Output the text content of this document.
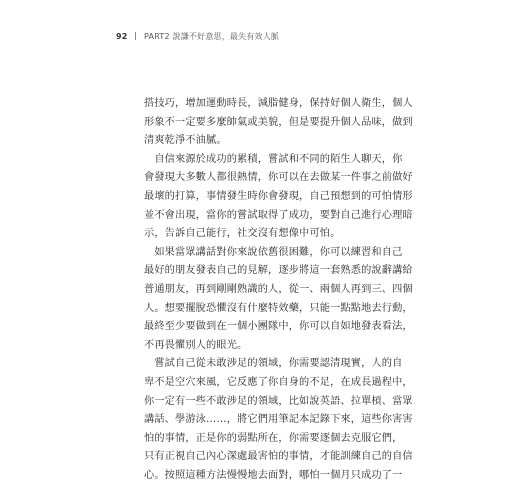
92 PART2 說謙不好意思，最失有效人脈
搭技巧，增加運動時長，減脂健身，保持好個人衛生，個人
形象不一定要多麼帥氣或美貌，但是要提升個人品味，做到
清爽乾淨不油膩。
　自信來源於成功的累積，嘗試和不同的陌生人聊天，你
會發現大多數人都很熱情，你可以在去做某一件事之前做好
最壞的打算，事情發生時你會發現，自己預想到的可怕情形
並不會出現，當你的嘗試取得了成功，要對自己進行心理暗
示，告訴自己能行，社交沒有想像中可怕。
　如果當眾講話對你來說依舊很困難，你可以練習和自己
最好的朋友發表自己的見解，逐步將這一套熟悉的說辭講給
普通朋友，再到剛剛熟識的人，從一、兩個人再到三、四個
人。想要擺脫恐懼沒有什麼特效藥，只能一點點地去行動，
最終至少要做到在一個小團隊中，你可以自如地發表看法，
不再畏懼別人的眼光。
　嘗試自己從未敢涉足的領域，你需要認清現實，人的自
卑不是空穴來風，它反應了你自身的不足，在成長過程中，
你一定有一些不敢涉足的領域，比如說英語、拉單槓、當眾
講話、學游泳……，將它們用筆記本記錄下來，這些你害害
怕的事情，正是你的弱點所在，你需要逐個去克服它們，
只有正視自己內心深處最害怕的事情，才能訓練自己的自信
心。按照這種方法慢慢地去面對，哪怕一個月只成功了一
